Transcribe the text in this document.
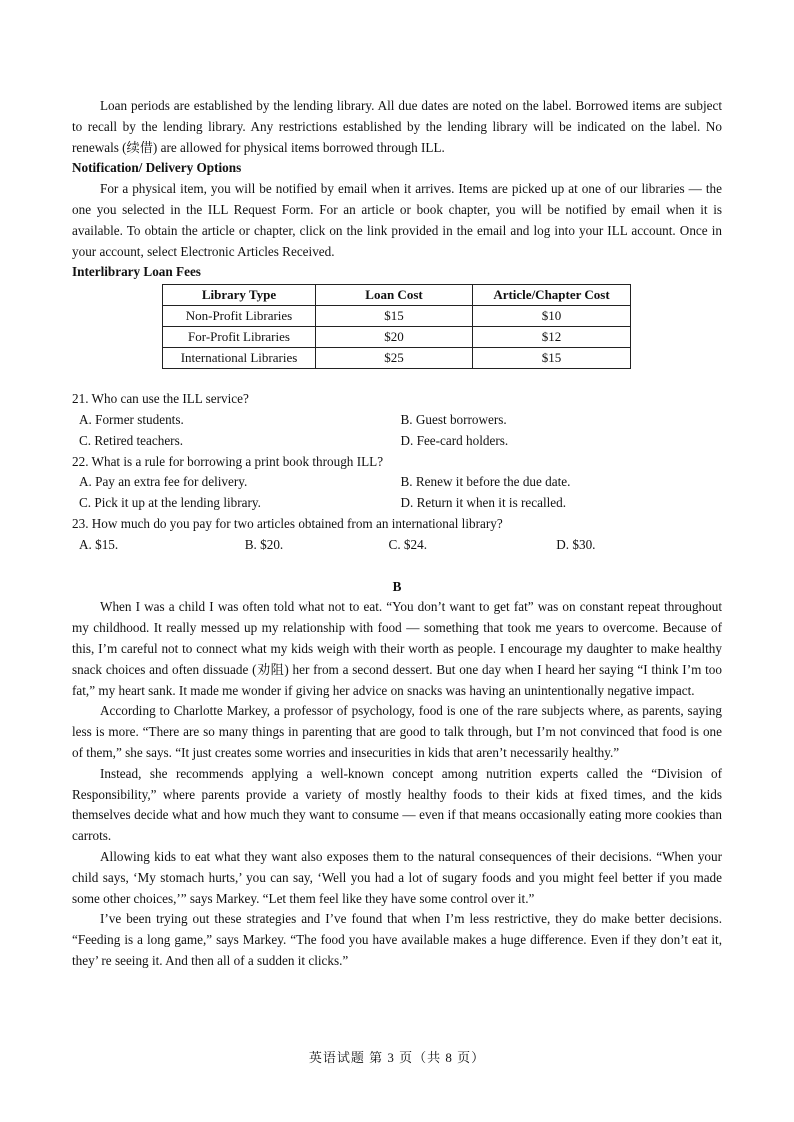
Loan periods are established by the lending library. All due dates are noted on the label. Borrowed items are subject to recall by the lending library. Any restrictions established by the lending library will be indicated on the label. No renewals (续借) are allowed for physical items borrowed through ILL.

Notification/ Delivery Options

For a physical item, you will be notified by email when it arrives. Items are picked up at one of our libraries — the one you selected in the ILL Request Form. For an article or book chapter, you will be notified by email when it is available. To obtain the article or chapter, click on the link provided in the email and log into your ILL account. Once in your account, select Electronic Articles Received.

Interlibrary Loan Fees

Library Type	Loan Cost	Article/Chapter Cost
Non-Profit Libraries	$15	$10
For-Profit Libraries	$20	$12
International Libraries	$25	$15

21. Who can use the ILL service?

A. Former students.	B. Guest borrowers.
C. Retired teachers.	D. Fee-card holders.

22. What is a rule for borrowing a print book through ILL?

A. Pay an extra fee for delivery.	B. Renew it before the due date.
C. Pick it up at the lending library.	D. Return it when it is recalled.

23. How much do you pay for two articles obtained from an international library?

A. $15.	B. $20.	C. $24.	D. $30.

B

When I was a child I was often told what not to eat. “You don’t want to get fat” was on constant repeat throughout my childhood. It really messed up my relationship with food — something that took me years to overcome. Because of this, I’m careful not to connect what my kids weigh with their worth as people. I encourage my daughter to make healthy snack choices and often dissuade (劝阻) her from a second dessert. But one day when I heard her saying “I think I’m too fat,” my heart sank. It made me wonder if giving her advice on snacks was having an unintentionally negative impact.

According to Charlotte Markey, a professor of psychology, food is one of the rare subjects where, as parents, saying less is more. “There are so many things in parenting that are good to talk through, but I’m not convinced that food is one of them,” she says. “It just creates some worries and insecurities in kids that aren’t necessarily healthy.”

Instead, she recommends applying a well-known concept among nutrition experts called the “Division of Responsibility,” where parents provide a variety of mostly healthy foods to their kids at fixed times, and the kids themselves decide what and how much they want to consume — even if that means occasionally eating more cookies than carrots.

Allowing kids to eat what they want also exposes them to the natural consequences of their decisions. “When your child says, ‘My stomach hurts,’ you can say, ‘Well you had a lot of sugary foods and you might feel better if you made some other choices,’” says Markey. “Let them feel like they have some control over it.”

I’ve been trying out these strategies and I’ve found that when I’m less restrictive, they do make better decisions. “Feeding is a long game,” says Markey. “The food you have available makes a huge difference. Even if they don’t eat it, they’ re seeing it. And then all of a sudden it clicks.”

英语试题 第 3 页（共 8 页）
